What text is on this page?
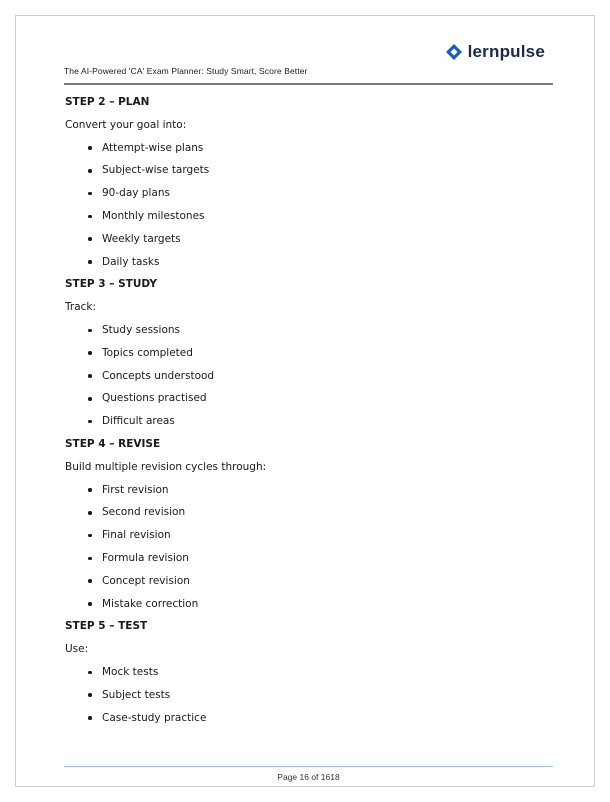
The AI-Powered 'CA' Exam Planner: Study Smart, Score Better
lernpulse

STEP 2 – PLAN

Convert your goal into:

Attempt-wise plans
Subject-wise targets
90-day plans
Monthly milestones
Weekly targets
Daily tasks

STEP 3 – STUDY

Track:

Study sessions
Topics completed
Concepts understood
Questions practised
Difficult areas

STEP 4 – REVISE

Build multiple revision cycles through:

First revision
Second revision
Final revision
Formula revision
Concept revision
Mistake correction

STEP 5 – TEST

Use:

Mock tests
Subject tests
Case-study practice
Page 16 of 1618
